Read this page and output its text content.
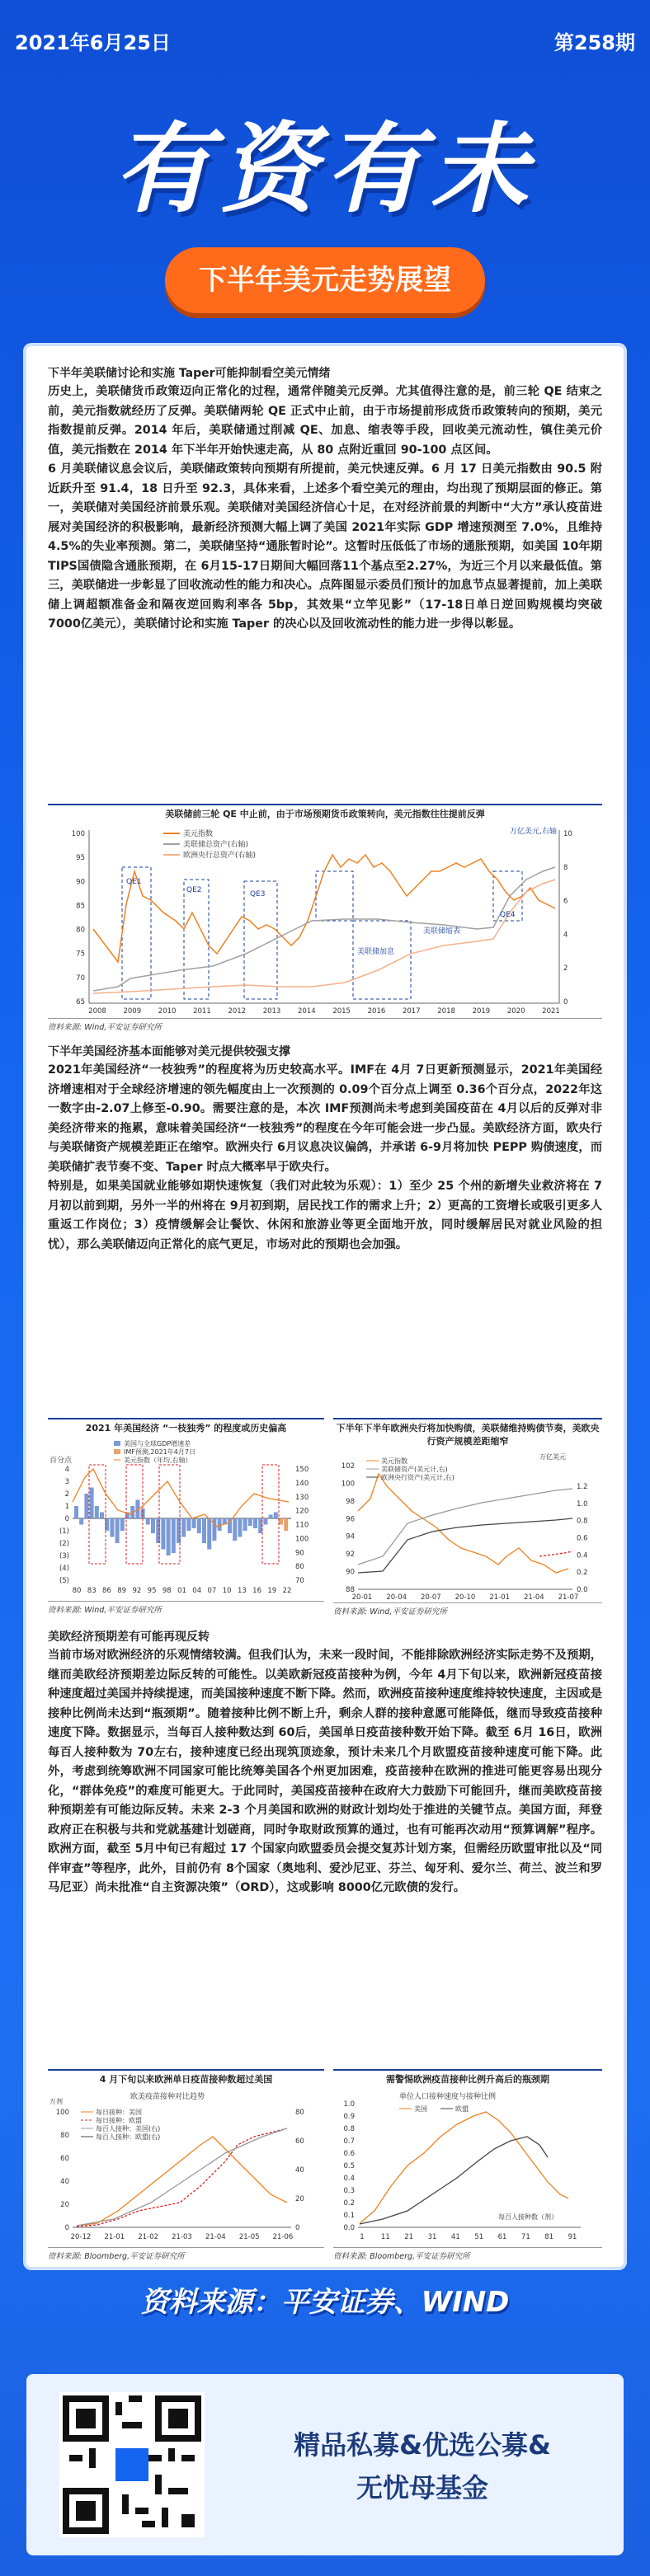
2021年6月25日	第258期
有资有未
下半年美元走势展望
下半年美联储讨论和实施 Taper可能抑制看空美元情绪
历史上，美联储货币政策迈向正常化的过程，通常伴随美元反弹。尤其值得注意的是，前三轮 QE 结束之前，美元指数就经历了反弹。美联储两轮 QE 正式中止前，由于市场提前形成货币政策转向的预期，美元指数提前反弹。2014 年后，美联储通过削减 QE、加息、缩表等手段，回收美元流动性，镇住美元价值，美元指数在 2014 年下半年开始快速走高，从 80 点附近重回 90-100 点区间。
6 月美联储议息会议后，美联储政策转向预期有所提前，美元快速反弹。6 月 17 日美元指数由 90.5 附近跃升至 91.4，18 日升至 92.3，具体来看，上述多个看空美元的理由，均出现了预期层面的修正。第一，美联储对美国经济前景乐观。美联储对美国经济信心十足，在对经济前景的判断中“大方”承认疫苗进展对美国经济的积极影响，最新经济预测大幅上调了美国 2021年实际 GDP 增速预测至 7.0%，且维持 4.5%的失业率预测。第二，美联储坚持“通胀暂时论”。这暂时压低低了市场的通胀预期，如美国 10年期 TIPS国债隐含通胀预期，在 6月15-17日期间大幅回落11个基点至2.27%，为近三个月以来最低值。第三，美联储进一步彰显了回收流动性的能力和决心。点阵图显示委员们预计的加息节点显著提前，加上美联储上调超额准备金和隔夜逆回购利率各 5bp，其效果“立竿见影”（17-18日单日逆回购规模均突破 7000亿美元），美联储讨论和实施 Taper 的决心以及回收流动性的能力进一步得以彰显。
美联储前三轮 QE 中止前，由于市场预期货币政策转向，美元指数往往提前反弹
100
95
90
85
80
75
70
65
10
8
6
4
2
0
2008 2009 2010 2011 2012 2013 2014 2015 2016 2017 2018 2019 2020 2021
美元指数
美联储总资产(右轴)
欧洲央行总资产(右轴)
QE1
QE2	QE3
美联储缩表
美联储加息
QE4
万亿美元,右轴
资料来源: Wind,平安证券研究所
下半年美国经济基本面能够对美元提供较强支撑
2021年美国经济“一枝独秀”的程度将为历史较高水平。IMF在 4月 7日更新预测显示，2021年美国经济增速相对于全球经济增速的领先幅度由上一次预测的 0.09个百分点上调至 0.36个百分点，2022年这一数字由-2.07上修至-0.90。需要注意的是，本次 IMF预测尚未考虑到美国疫苗在 4月以后的反弹对非美经济带来的拖累，意味着美国经济“一枝独秀”的程度在今年可能会进一步凸显。美欧经济方面，欧央行与美联储资产规模差距正在缩窄。欧洲央行 6月议息决议偏鸽，并承诺 6-9月将加快 PEPP 购债速度，而美联储扩表节奏不变、Taper 时点大概率早于欧央行。
特别是，如果美国就业能够如期快速恢复（我们对此较为乐观）：1）至少 25 个州的新增失业救济将在 7月初以前到期，另外一半的州将在 9月初到期，居民找工作的需求上升；2）更高的工资增长或吸引更多人重返工作岗位；3）疫情缓解会让餐饮、休闲和旅游业等更全面地开放，同时缓解居民对就业风险的担忧），那么美联储迈向正常化的底气更足，市场对此的预期也会加强。
2021 年美国经济 “一枝独秀” 的程度或历史偏高
百分点
4
3
2
1
0
(1)
(2)
(3)
(4)
(5)
150
140
130
120
110
100
90
80
70
80 83 86 89 92 95 98 01 04 07 10 13 16 19 22
美国与全球GDP增速差
IMF预测,2021年4月7日
美元指数（年均,右轴）
资料来源: Wind,平安证券研究所
下半年下半年欧洲央行将加快购债，美联储维持购债节奏，美欧央行资产规模差距缩窄
102
100
98
96
94
92
90
88
1.2
1.0
0.8
0.6
0.4
0.2
0.0
20-01 20-04 20-07 20-10 21-01 21-04 21-07
万亿美元
美元指数
美联储资产(美元计,右)
欧洲央行资产(美元计,右)
资料来源: Wind,平安证券研究所
美欧经济预期差有可能再现反转
当前市场对欧洲经济的乐观情绪较满。但我们认为，未来一段时间，不能排除欧洲经济实际走势不及预期，继而美欧经济预期差边际反转的可能性。以美欧新冠疫苗接种为例，今年 4月下旬以来，欧洲新冠疫苗接种速度超过美国并持续提速，而美国接种速度不断下降。然而，欧洲疫苗接种速度维持较快速度，主因或是接种比例尚未达到“瓶颈期”。随着接种比例不断上升，剩余人群的接种意愿可能降低，继而导致疫苗接种速度下降。数据显示，当每百人接种数达到 60后，美国单日疫苗接种数开始下降。截至 6月 16日，欧洲每百人接种数为 70左右，接种速度已经出现筑顶迹象，预计未来几个月欧盟疫苗接种速度可能下降。此外，考虑到统筹欧洲不同国家可能比统筹美国各个州更加困难，疫苗接种在欧洲的推进可能更容易出现分化，“群体免疫”的难度可能更大。于此同时，美国疫苗接种在政府大力鼓励下可能回升，继而美欧疫苗接种预期差有可能边际反转。未来 2-3 个月美国和欧洲的财政计划均处于推进的关键节点。美国方面，拜登政府正在积极与共和党就基建计划磋商，同时争取财政预算的通过，也有可能再次动用“预算调解”程序。欧洲方面，截至 5月中旬已有超过 17 个国家向欧盟委员会提交复苏计划方案，但需经历欧盟审批以及“同伴审查”等程序，此外，目前仍有 8个国家（奥地利、爱沙尼亚、芬兰、匈牙利、爱尔兰、荷兰、波兰和罗马尼亚）尚未批准“自主资源决策”（ORD），这或影响 8000亿元欧债的发行。
4 月下旬以来欧洲单日疫苗接种数超过美国
欧美疫苗接种对比趋势
万剂
100
80
60
40
20
0
80
60
40
20
0
20-12 21-01 21-02 21-03 21-04 21-05 21-06
每日接种：美国
每日接种：欧盟
每百人接种：美国(右)
每百人接种：欧盟(右)
资料来源: Bloomberg,平安证券研究所
需警惕欧洲疫苗接种比例升高后的瓶颈期
单位人口接种速度与接种比例
1.0
0.9
0.8
0.7
0.6
0.5
0.4
0.3
0.2
0.1
0.0
1 11 21 31 41 51 61 71 81 91
每百人接种数（剂）
美国	欧盟
资料来源: Bloomberg,平安证券研究所
资料来源：平安证券、WIND
精品私募&优选公募&
无忧母基金
